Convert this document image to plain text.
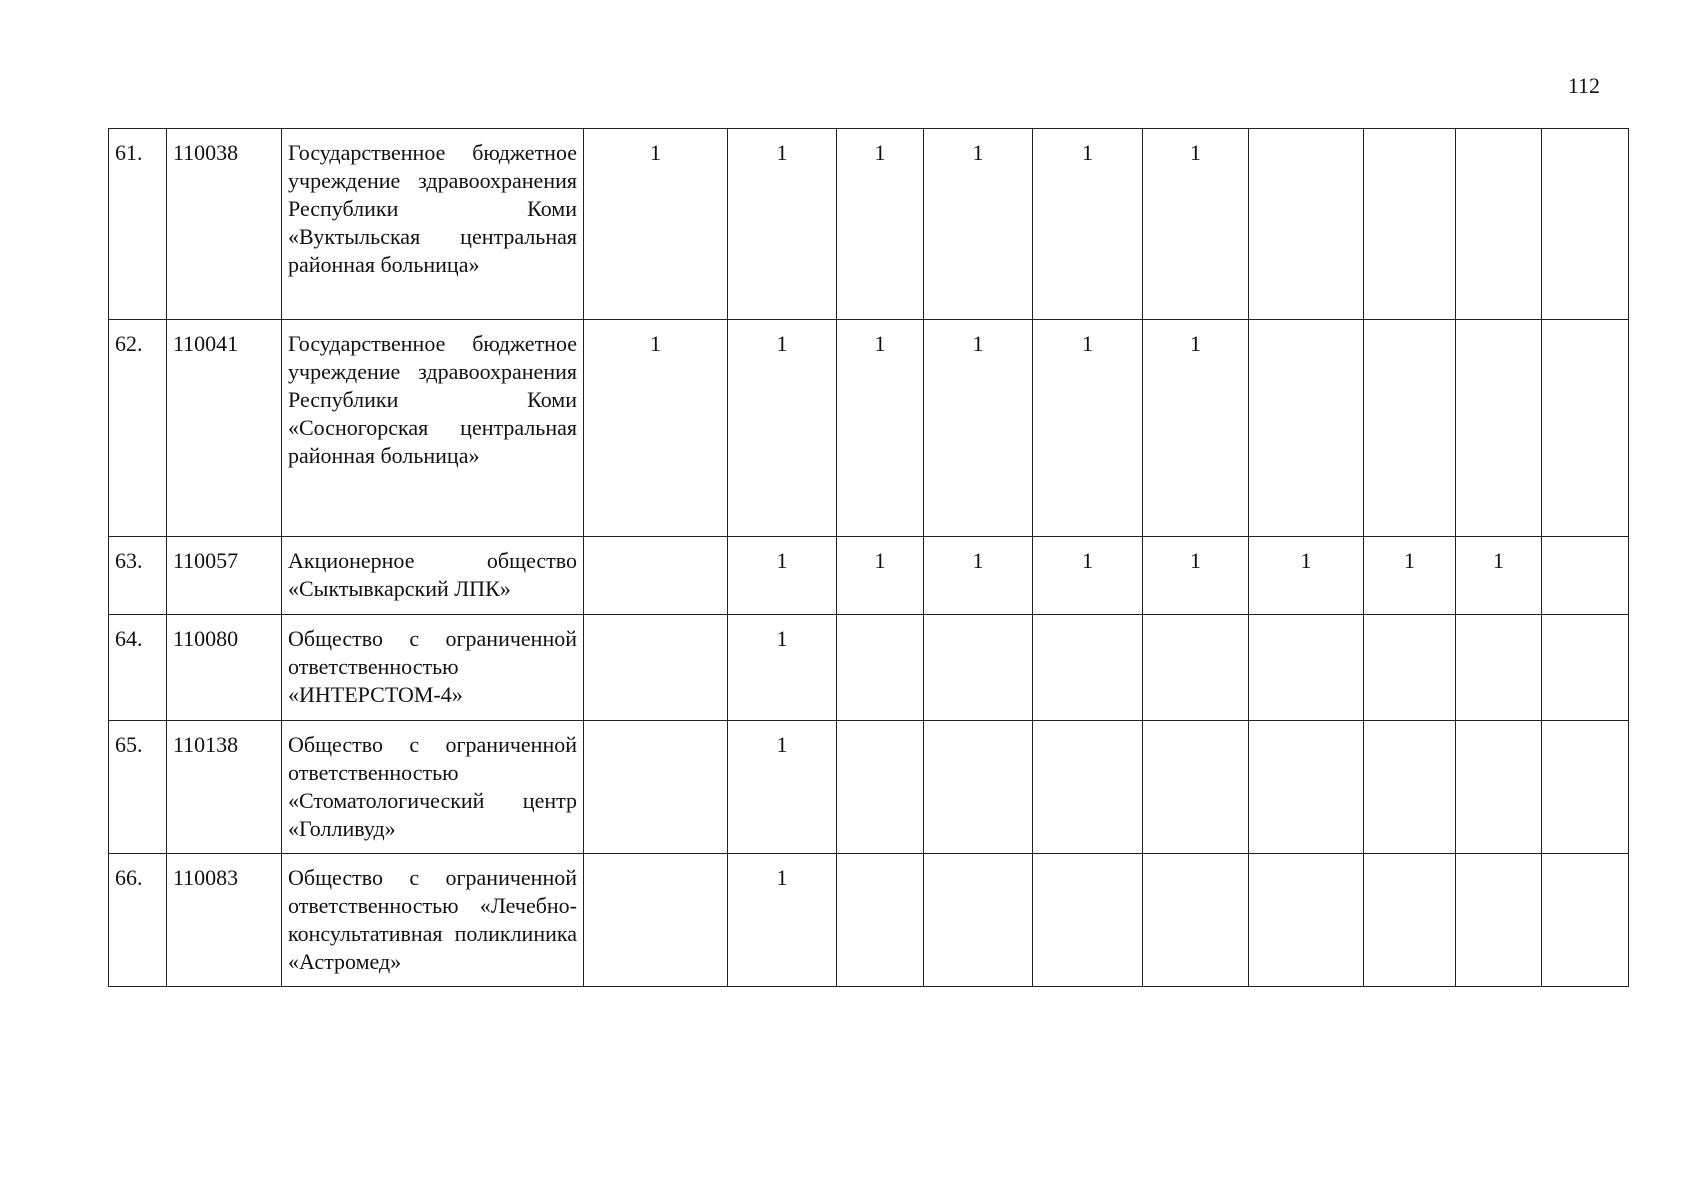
112
61.	110038	Государственное бюджетное учреждение здравоохранения Республики Коми «Вуктыльская центральная районная больница»	1	1	1	1	1	1				
62.	110041	Государственное бюджетное учреждение здравоохранения Республики Коми «Сосногорская центральная районная больница»	1	1	1	1	1	1				
63.	110057	Акционерное общество «Сыктывкарский ЛПК»		1	1	1	1	1	1	1	1	
64.	110080	Общество с ограниченной ответственностью «ИНТЕРСТОМ-4»		1								
65.	110138	Общество с ограниченной ответственностью «Стоматологический центр «Голливуд»		1								
66.	110083	Общество с ограниченной ответственностью «Лечебно-консультативная поликлиника «Астромед»		1								
